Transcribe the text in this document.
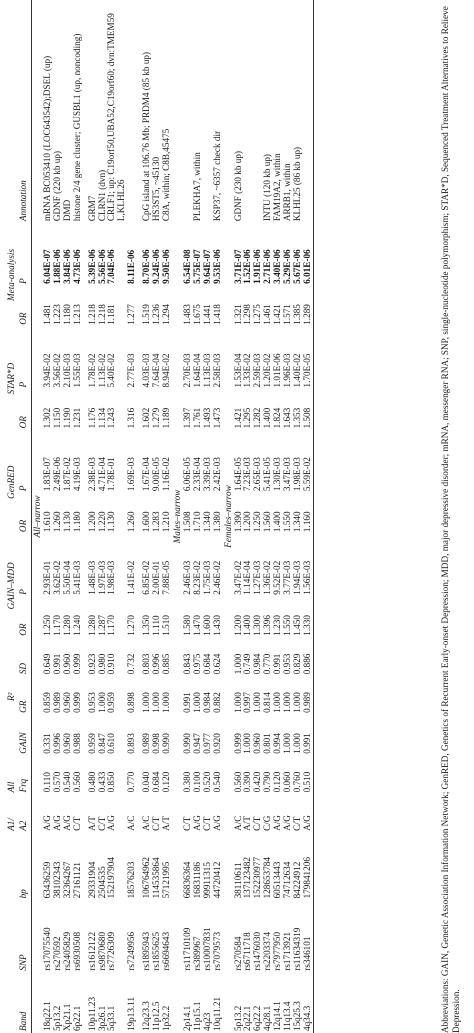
			A1/	All	R²			GAIN–MDD		GenRED		STAR*D		Meta-analysis		
Band	SNP	bp	A2	Frq	GAIN	GR	SD	OR	P	OR	P	OR	P	OR	P	Annotation

All–narrow																
18q22.1	rs17075540	63436259	A/G	0.110	0.331	0.859	0.649	1.250	2.93E-01	1.610	1.83E-07	1.302	3.94E-02	1.481	6.04E-07	mRNA BC053410 (LOC643542);DSEL (up)
5p13.2	rs270592	38102343	A/G	0.570	0.996	0.989	0.991	1.170	3.62E-02	1.260	2.49E-06	1.150	3.56E-02	1.223	1.88E-06	GDNF (220 kb up)
Xp21.1	rs2405829	32364267	A/G	0.540	0.960	0.960	0.960	1.280	5.50E-04	1.130	1.87E-02	1.190	2.10E-03	1.180	3.84E-06	DMD
6p22.1	rs6930508	27161121	C/T	0.560	0.988	0.999	0.999	1.240	5.41E-03	1.180	4.19E-03	1.231	1.55E-03	1.213	4.73E-06	histone 2/4 gene cluster; GUSBL1 (up, noncoding)

10p11.23	rs1612122	29331904	A/T	0.480	0.959	0.953	0.923	1.280	1.48E-03	1.200	2.38E-03	1.176	1.78E-02	1.218	5.39E-06	GRM7
3p26.1	rs9870680	2504535	C/T	0.433	0.847	1.000	0.980	1.287	1.97E-03	1.220	4.71E-04	1.134	1.13E-02	1.218	5.56E-06	CLRN1 (dvn)
5q33.1	rs7726309	152197904	A/G	0.850	0.610	0.959	0.910	1.170	1.98E-03	1.130	1.78E-01	1.243	5.40E-02	1.181	7.04E-06	CRLF1; up: C19orf50,UBA52,C19orf60; dvn:TMEM59 L,KLHL26
19p13.11	rs7249956	18576203	A/C	0.770	0.893	0.898	0.732	1.270	1.41E-02	1.260	1.69E-03	1.316	2.77E-03	1.277	8.11E-06	

12q23.3	rs1895943	106764962	A/C	0.040	0.989	1.000	0.803	1.350	6.85E-02	1.600	1.67E-04	1.602	4.03E-03	1.519	8.70E-06	CpG island at 106.76 Mb; PRDM4 (85 kb up)
11p12.5	rs1855625	114535864	C/T	0.684	0.998	1.000	0.996	1.110	2.00E-01	1.283	9.00E-05	1.279	7.64E-04	1.236	9.24E-06	HS3ST5, ~45130
1p32.2	rs6694643	57121995	A/T	0.120	0.990	1.000	0.885	1.510	7.88E-05	1.210	1.16E-02	1.189	8.94E-02	1.294	9.50E-06	C8A, within; C8B,45475
Males–narrow																
2p14.1	rs11710109	66836364	C/T	0.380	0.990	0.991	0.843	1.580	2.46E-03	1.508	6.06E-05	1.397	2.70E-03	1.483	6.54E-08	
11p15.1	rs389967	16831186	A/G	0.100	0.947	1.000	0.975	1.470	8.23E-02	1.710	2.33E-04	1.761	1.64E-04	1.675	5.75E-07	PLEKHA7, within
4q23	rs10007831	99911315	C/T	0.520	0.977	0.984	0.684	1.600	1.75E-03	1.340	3.39E-03	1.493	1.13E-03	1.441	9.64E-07	
10q11.21	rs7079573	44720412	A/G	0.540	0.920	0.882	0.624	1.430	2.46E-02	1.380	2.42E-03	1.473	2.58E-03	1.418	9.53E-06	KSP37, ~6357 check dir
Females–narrow																
5p13.2	rs270584	38110611	A/C	0.560	0.999	1.000	1.000	1.200	3.47E-02	1.390	1.64E-05	1.421	1.53E-04	1.321	3.71E-07	GDNF (230 kb up)
2q22.1	rs6711718	137123482	A/T	0.390	1.000	0.997	0.749	1.400	1.14E-04	1.200	7.23E-03	1.295	1.33E-02	1.298	1.52E-06	
6q22.2	rs1476030	152230977	C/T	0.420	0.960	1.000	0.984	1.300	1.27E-03	1.250	2.65E-03	1.282	2.59E-03	1.275	1.91E-06	
4q28.1	rs2203374	128653784	C/G	0.790	0.801	0.814	0.770	1.396	1.36E-02	1.560	5.41E-05	1.400	1.20E-02	1.461	2.71E-06	INTU (120 kb up)
12q14.1	rs7977950	60513443	A/G	0.120	0.994	1.000	0.991	1.230	9.52E-02	1.400	1.30E-03	1.824	1.01E-06	1.421	3.40E-06	FAM19A2, within
11q13.4	rs1713921	74712634	A/G	0.060	1.000	1.000	0.953	1.550	3.77E-03	1.550	3.47E-03	1.643	1.96E-03	1.571	5.29E-06	ARRB1, within
15q25.3	rs11634319	84224912	C/T	0.760	1.000	1.000	0.829	1.450	1.94E-03	1.340	1.98E-03	1.353	1.40E-02	1.385	5.67E-06	KLHL25 (86 kb up)
4q34.3	rs346101	179841206	A/G	0.510	0.991	0.989	0.886	1.330	1.56E-03	1.160	5.59E-02	1.508	1.70E-05	1.289	6.01E-06		Abbreviations: GAIN, Genetic Association Information Network; GenRED, Genetics of Recurrent Early-onset Depression; MDD, major depressive disorder; mRNA, messenger RNA; SNP, single-nucleotide polymorphism; STAR*D, Sequenced Treatment Alternatives to Relieve Depression.
